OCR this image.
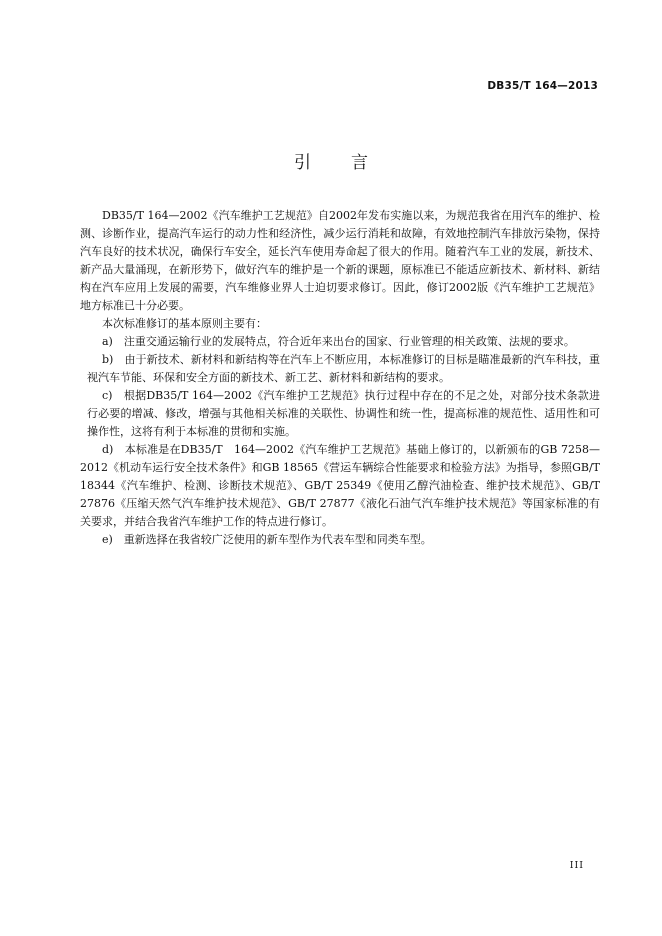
DB35/T 164—2013
引言

DB35/T 164—2002《汽车维护工艺规范》自2002年发布实施以来，为规范我省在用汽车的维护、检测、诊断作业，提高汽车运行的动力性和经济性，减少运行消耗和故障，有效地控制汽车排放污染物，保持汽车良好的技术状况，确保行车安全，延长汽车使用寿命起了很大的作用。随着汽车工业的发展，新技术、新产品大量涌现，在新形势下，做好汽车的维护是一个新的课题，原标准已不能适应新技术、新材料、新结构在汽车应用上发展的需要，汽车维修业界人士迫切要求修订。因此，修订2002版《汽车维护工艺规范》地方标准已十分必要。

本次标准修订的基本原则主要有：

a)　注重交通运输行业的发展特点，符合近年来出台的国家、行业管理的相关政策、法规的要求。

b)　由于新技术、新材料和新结构等在汽车上不断应用，本标准修订的目标是瞄准最新的汽车科技，重视汽车节能、环保和安全方面的新技术、新工艺、新材料和新结构的要求。

c)　根据DB35/T 164—2002《汽车维护工艺规范》执行过程中存在的不足之处，对部分技术条款进行必要的增减、修改，增强与其他相关标准的关联性、协调性和统一性，提高标准的规范性、适用性和可操作性，这将有利于本标准的贯彻和实施。

d)　本标准是在DB35/T　164—2002《汽车维护工艺规范》基础上修订的，以新颁布的GB 7258—2012《机动车运行安全技术条件》和GB 18565《营运车辆综合性能要求和检验方法》为指导，参照GB/T 18344《汽车维护、检测、诊断技术规范》、GB/T 25349《使用乙醇汽油检查、维护技术规范》、GB/T 27876《压缩天然气汽车维护技术规范》、GB/T 27877《液化石油气汽车维护技术规范》等国家标准的有关要求，并结合我省汽车维护工作的特点进行修订。

e)　重新选择在我省较广泛使用的新车型作为代表车型和同类车型。

III
